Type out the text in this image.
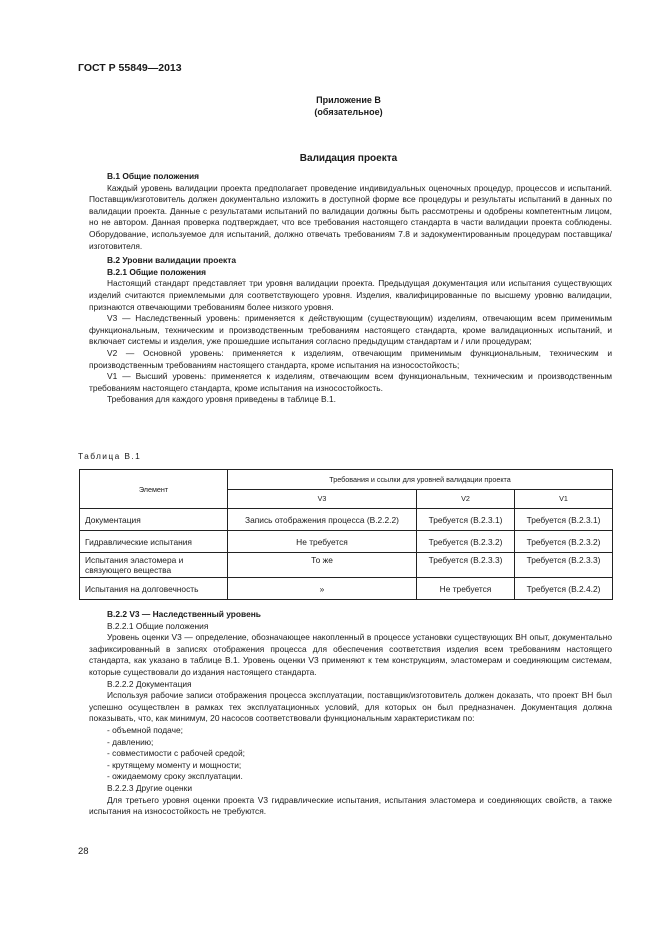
ГОСТ Р 55849—2013
Приложение В
(обязательное)
Валидация проекта

В.1 Общие положения

Каждый уровень валидации проекта предполагает проведение индивидуальных оценочных процедур, процессов и испытаний. Поставщик/изготовитель должен документально изложить в доступной форме все процедуры и результаты испытаний в данных по валидации проекта. Данные с результатами испытаний по валидации должны быть рассмотрены и одобрены компетентным лицом, но не автором. Данная проверка подтверждает, что все требования настоящего стандарта в части валидации проекта соблюдены. Оборудование, используемое для испытаний, должно отвечать требованиям 7.8 и задокументированным процедурам поставщика/изготовителя.

В.2 Уровни валидации проекта

В.2.1 Общие положения

Настоящий стандарт представляет три уровня валидации проекта. Предыдущая документация или испытания существующих изделий считаются приемлемыми для соответствующего уровня. Изделия, квалифицированные по высшему уровню валидации, признаются отвечающими требованиям более низкого уровня.

V3 — Наследственный уровень: применяется к действующим (существующим) изделиям, отвечающим всем применимым функциональным, техническим и производственным требованиям настоящего стандарта, кроме валидационных испытаний, и включает системы и изделия, уже прошедшие испытания согласно предыдущим стандартам и / или процедурам;

V2 — Основной уровень: применяется к изделиям, отвечающим применимым функциональным, техническим и производственным требованиям настоящего стандарта, кроме испытания на износостойкость;

V1 — Высший уровень: применяется к изделиям, отвечающим всем функциональным, техническим и производственным требованиям настоящего стандарта, кроме испытания на износостойкость.

Требования для каждого уровня приведены в таблице В.1.

Таблица В.1
Элемент	Требования и ссылки для уровней валидации проекта		
	V3	V2	V1
Документация	Запись отображения процесса (В.2.2.2)	Требуется (В.2.3.1)	Требуется (В.2.3.1)
Гидравлические испытания	Не требуется	Требуется (В.2.3.2)	Требуется (В.2.3.2)
Испытания эластомера и связующего вещества	То же	Требуется (В.2.3.3)	Требуется (В.2.3.3)
Испытания на долговечность	»	Не требуется	Требуется (В.2.4.2)

В.2.2 V3 — Наследственный уровень

В.2.2.1 Общие положения

Уровень оценки V3 — определение, обозначающее накопленный в процессе установки существующих ВН опыт, документально зафиксированный в записях отображения процесса для обеспечения соответствия изделия всем требованиям настоящего стандарта, как указано в таблице В.1. Уровень оценки V3 применяют к тем конструкциям, эластомерам и соединяющим системам, которые существовали до издания настоящего стандарта.

В.2.2.2 Документация

Используя рабочие записи отображения процесса эксплуатации, поставщик/изготовитель должен доказать, что проект ВН был успешно осуществлен в рамках тех эксплуатационных условий, для которых он был предназначен. Документация должна показывать, что, как минимум, 20 насосов соответствовали функциональным характеристикам по:

- объемной подаче;

- давлению;

- совместимости с рабочей средой;

- крутящему моменту и мощности;

- ожидаемому сроку эксплуатации.

В.2.2.3 Другие оценки

Для третьего уровня оценки проекта V3 гидравлические испытания, испытания эластомера и соединяющих свойств, а также испытания на износостойкость не требуются.

28
